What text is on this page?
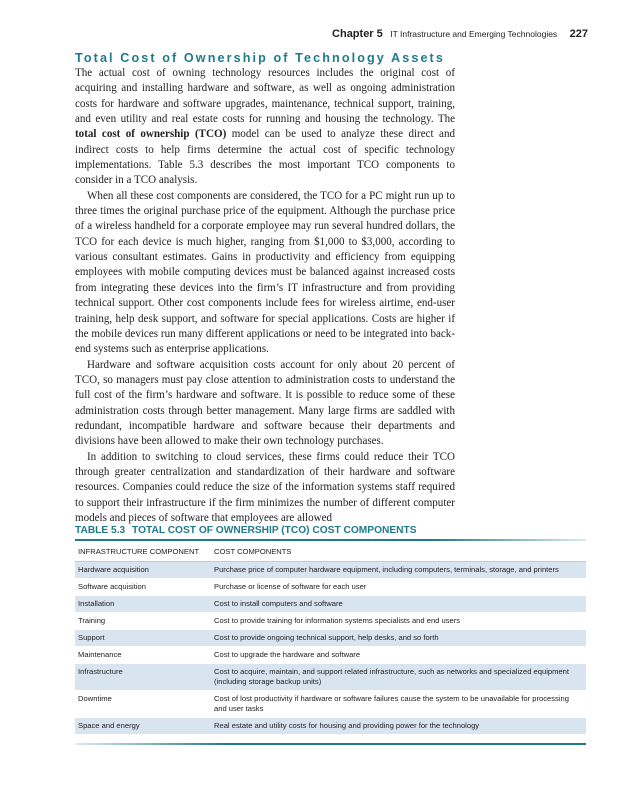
Chapter 5 IT Infrastructure and Emerging Technologies 227
Total Cost of Ownership of Technology Assets

The actual cost of owning technology resources includes the original cost of acquiring and installing hardware and software, as well as ongoing administration costs for hardware and software upgrades, maintenance, technical support, training, and even utility and real estate costs for running and housing the technology. The total cost of ownership (TCO) model can be used to analyze these direct and indirect costs to help firms determine the actual cost of specific technology implementations. Table 5.3 describes the most important TCO components to consider in a TCO analysis.

When all these cost components are considered, the TCO for a PC might run up to three times the original purchase price of the equipment. Although the purchase price of a wireless handheld for a corporate employee may run several hundred dollars, the TCO for each device is much higher, ranging from $1,000 to $3,000, according to various consultant estimates. Gains in productivity and efficiency from equipping employees with mobile computing devices must be balanced against increased costs from integrating these devices into the firm’s IT infrastructure and from providing technical support. Other cost components include fees for wireless airtime, end-user training, help desk support, and software for special applications. Costs are higher if the mobile devices run many different applications or need to be integrated into back-end systems such as enterprise applications.

Hardware and software acquisition costs account for only about 20 percent of TCO, so managers must pay close attention to administration costs to understand the full cost of the firm’s hardware and software. It is possible to reduce some of these administration costs through better management. Many large firms are saddled with redundant, incompatible hardware and software because their departments and divisions have been allowed to make their own technology purchases.

In addition to switching to cloud services, these firms could reduce their TCO through greater centralization and standardization of their hardware and software resources. Companies could reduce the size of the information systems staff required to support their infrastructure if the firm minimizes the number of different computer models and pieces of software that employees are allowed

TABLE 5.3 TOTAL COST OF OWNERSHIP (TCO) COST COMPONENTS
INFRASTRUCTURE COMPONENT	COST COMPONENTS
Hardware acquisition	Purchase price of computer hardware equipment, including computers, terminals, storage, and printers
Software acquisition	Purchase or license of software for each user
Installation	Cost to install computers and software
Training	Cost to provide training for information systems specialists and end users
Support	Cost to provide ongoing technical support, help desks, and so forth
Maintenance	Cost to upgrade the hardware and software
Infrastructure	Cost to acquire, maintain, and support related infrastructure, such as networks and specialized equipment (including storage backup units)
Downtime	Cost of lost productivity if hardware or software failures cause the system to be unavailable for processing and user tasks
Space and energy	Real estate and utility costs for housing and providing power for the technology
